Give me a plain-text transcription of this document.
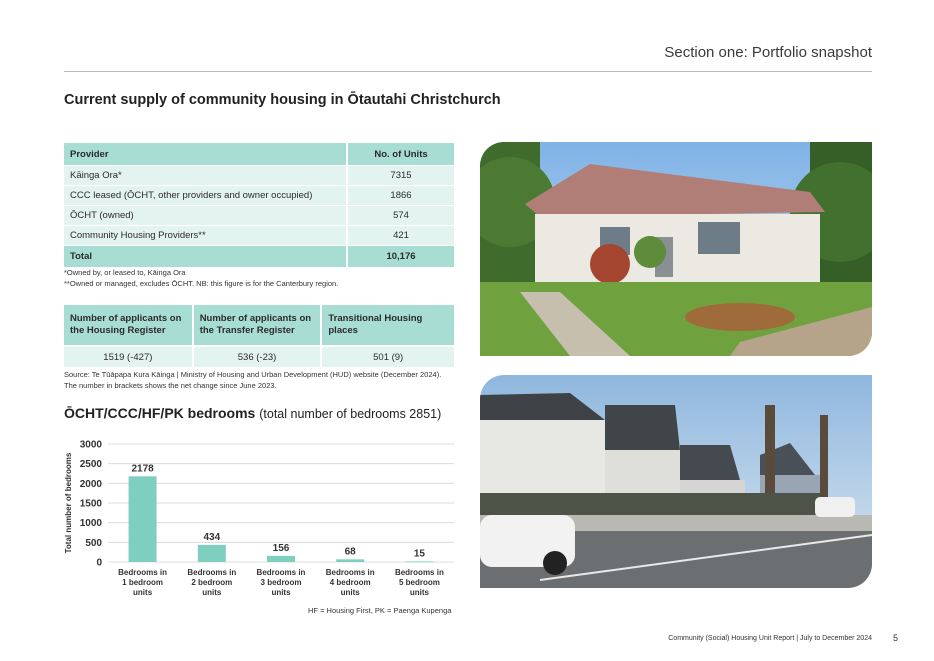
Section one: Portfolio snapshot
Current supply of community housing in Ōtautahi Christchurch
Provider	No. of Units
Kāinga Ora*	7315
CCC leased (ŌCHT, other providers and owner occupied)	1866
ŌCHT (owned)	574
Community Housing Providers**	421
Total	10,176
*Owned by, or leased to, Kāinga Ora
**Owned or managed, excludes ŌCHT. NB: this figure is for the Canterbury region.
Number of applicants on the Housing Register	Number of applicants on the Transfer Register	Transitional Housing places
1519 (-427)	536 (-23)	501 (9)
Source: Te Tūāpapa Kura Kāinga | Ministry of Housing and Urban Development (HUD) website (December 2024).
The number in brackets shows the net change since June 2023.
ŌCHT/CCC/HF/PK bedrooms (total number of bedrooms 2851)
0
500
1000
1500
2000
2500
3000
Total number of bedrooms	2178
Bedrooms in
1 bedroom
units
434
Bedrooms in
2 bedroom
units
156
Bedrooms in
3 bedroom
units
68
Bedrooms in
4 bedroom
units
15
Bedrooms in
5 bedroom
units
HF = Housing First, PK = Paenga Kupenga
Community (Social) Housing Unit Report | July to December 2024 5
